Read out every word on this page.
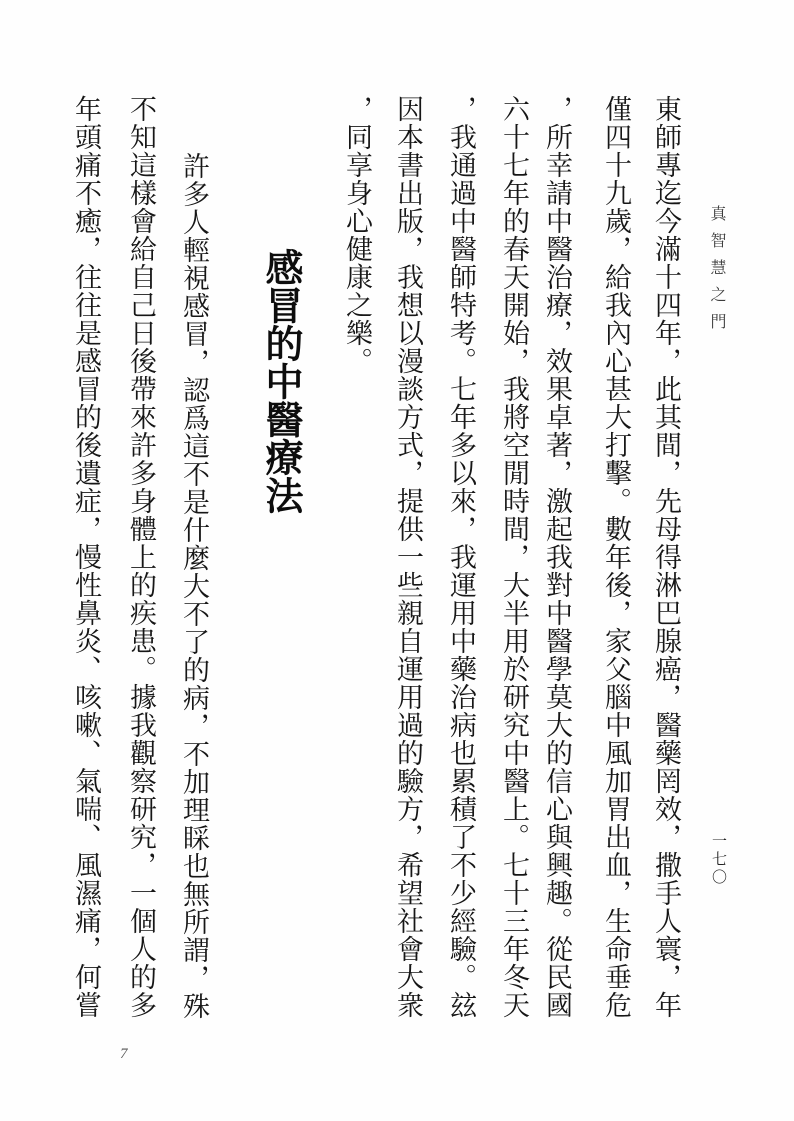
真智慧之門
一七〇
東師專迄今滿十四年，此其間，先母得淋巴腺癌，醫藥罔效，撒手人寰，年
僅四十九歲，給我內心甚大打擊。數年後，家父腦中風加胃出血，生命垂危
，所幸請中醫治療，效果卓著，激起我對中醫學莫大的信心與興趣。從民國
六十七年的春天開始，我將空閒時間，大半用於研究中醫上。七十三年冬天
，我通過中醫師特考。七年多以來，我運用中藥治病也累積了不少經驗。玆
因本書出版，我想以漫談方式，提供一些親自運用過的驗方，希望社會大衆
，同享身心健康之樂。
感冒的中醫療法
許多人輕視感冒，認爲這不是什麼大不了的病，不加理睬也無所謂，殊
不知這樣會給自己日後帶來許多身體上的疾患。據我觀察研究，一個人的多
年頭痛不癒，往往是感冒的後遺症，慢性鼻炎、咳嗽、氣喘、風濕痛，何嘗
7
